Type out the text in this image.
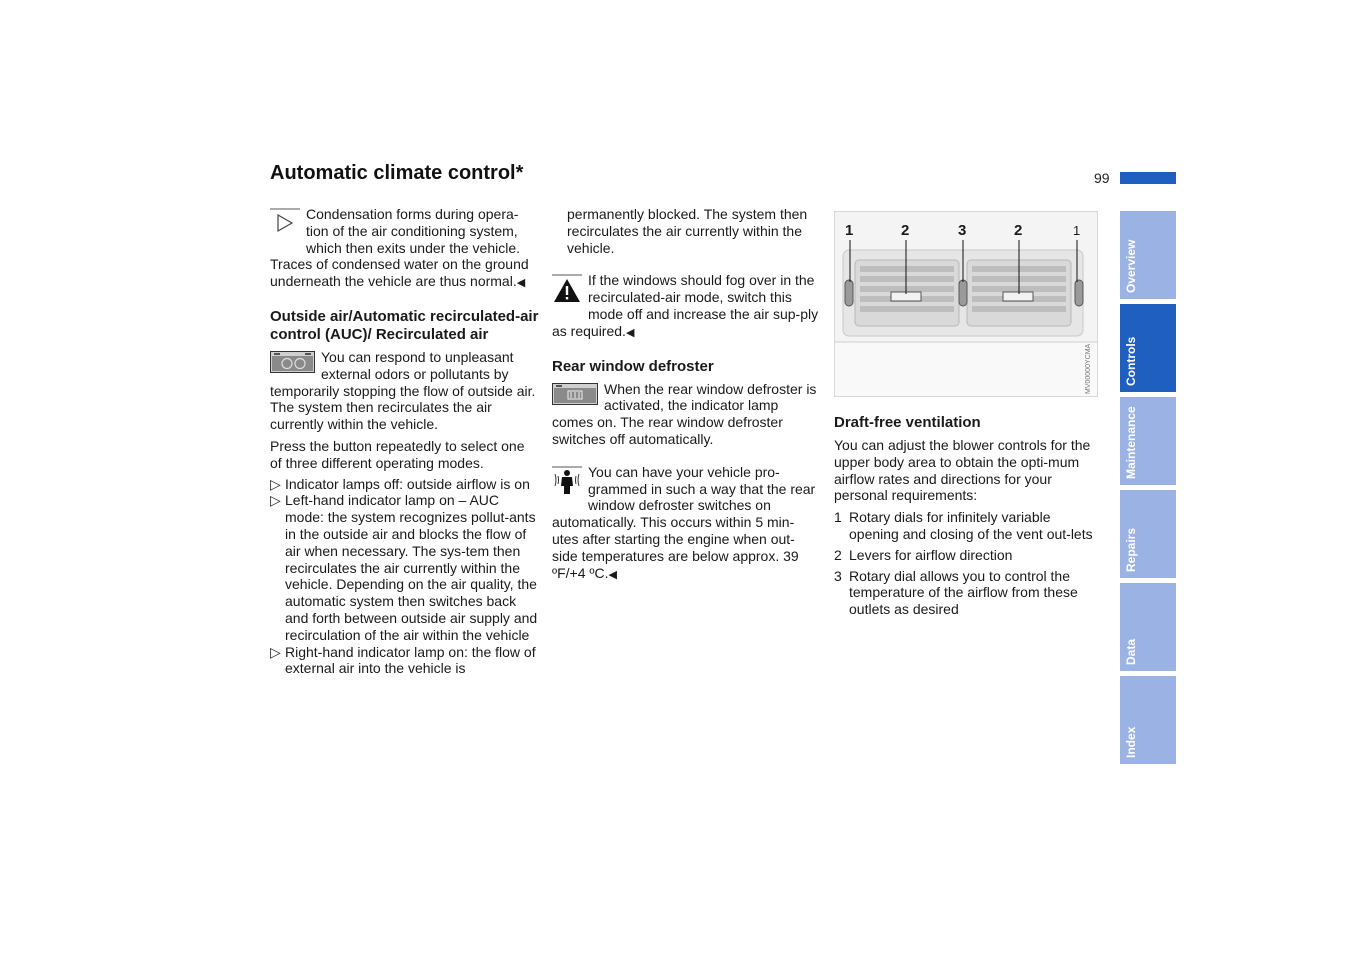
Automatic climate control*	99

Condensation forms during opera-tion of the air conditioning system, which then exits under the vehicle. Traces of condensed water on the ground underneath the vehicle are thus normal.◀

Outside air/Automatic recirculated-air control (AUC)/ Recirculated air

You can respond to unpleasant external odors or pollutants by temporarily stopping the flow of outside air. The system then recirculates the air currently within the vehicle.

Press the button repeatedly to select one of three different operating modes.

▷ Indicator lamps off: outside airflow is on
▷ Left-hand indicator lamp on – AUC mode: the system recognizes pollut-ants in the outside air and blocks the flow of air when necessary. The sys-tem then recirculates the air currently within the vehicle. Depending on the air quality, the automatic system then switches back and forth between outside air supply and recirculation of the air within the vehicle
▷ Right-hand indicator lamp on: the flow of external air into the vehicle is

permanently blocked. The system then recirculates the air currently within the vehicle.

If the windows should fog over in the recirculated-air mode, switch this mode off and increase the air sup-ply as required.◀

Rear window defroster

When the rear window defroster is activated, the indicator lamp comes on. The rear window defroster switches off automatically.

You can have your vehicle pro-grammed in such a way that the rear window defroster switches on automatically. This occurs within 5 min-utes after starting the engine when out-side temperatures are below approx. 39 ºF/+4 ºC.◀

1	2	3	2	1
MV00000YCMA

Draft-free ventilation

You can adjust the blower controls for the upper body area to obtain the opti-mum airflow rates and directions for your personal requirements:

1 Rotary dials for infinitely variable opening and closing of the vent out-lets
2 Levers for airflow direction
3 Rotary dial allows you to control the temperature of the airflow from these outlets as desired
Overview
Controls
Maintenance
Repairs
Data
Index
